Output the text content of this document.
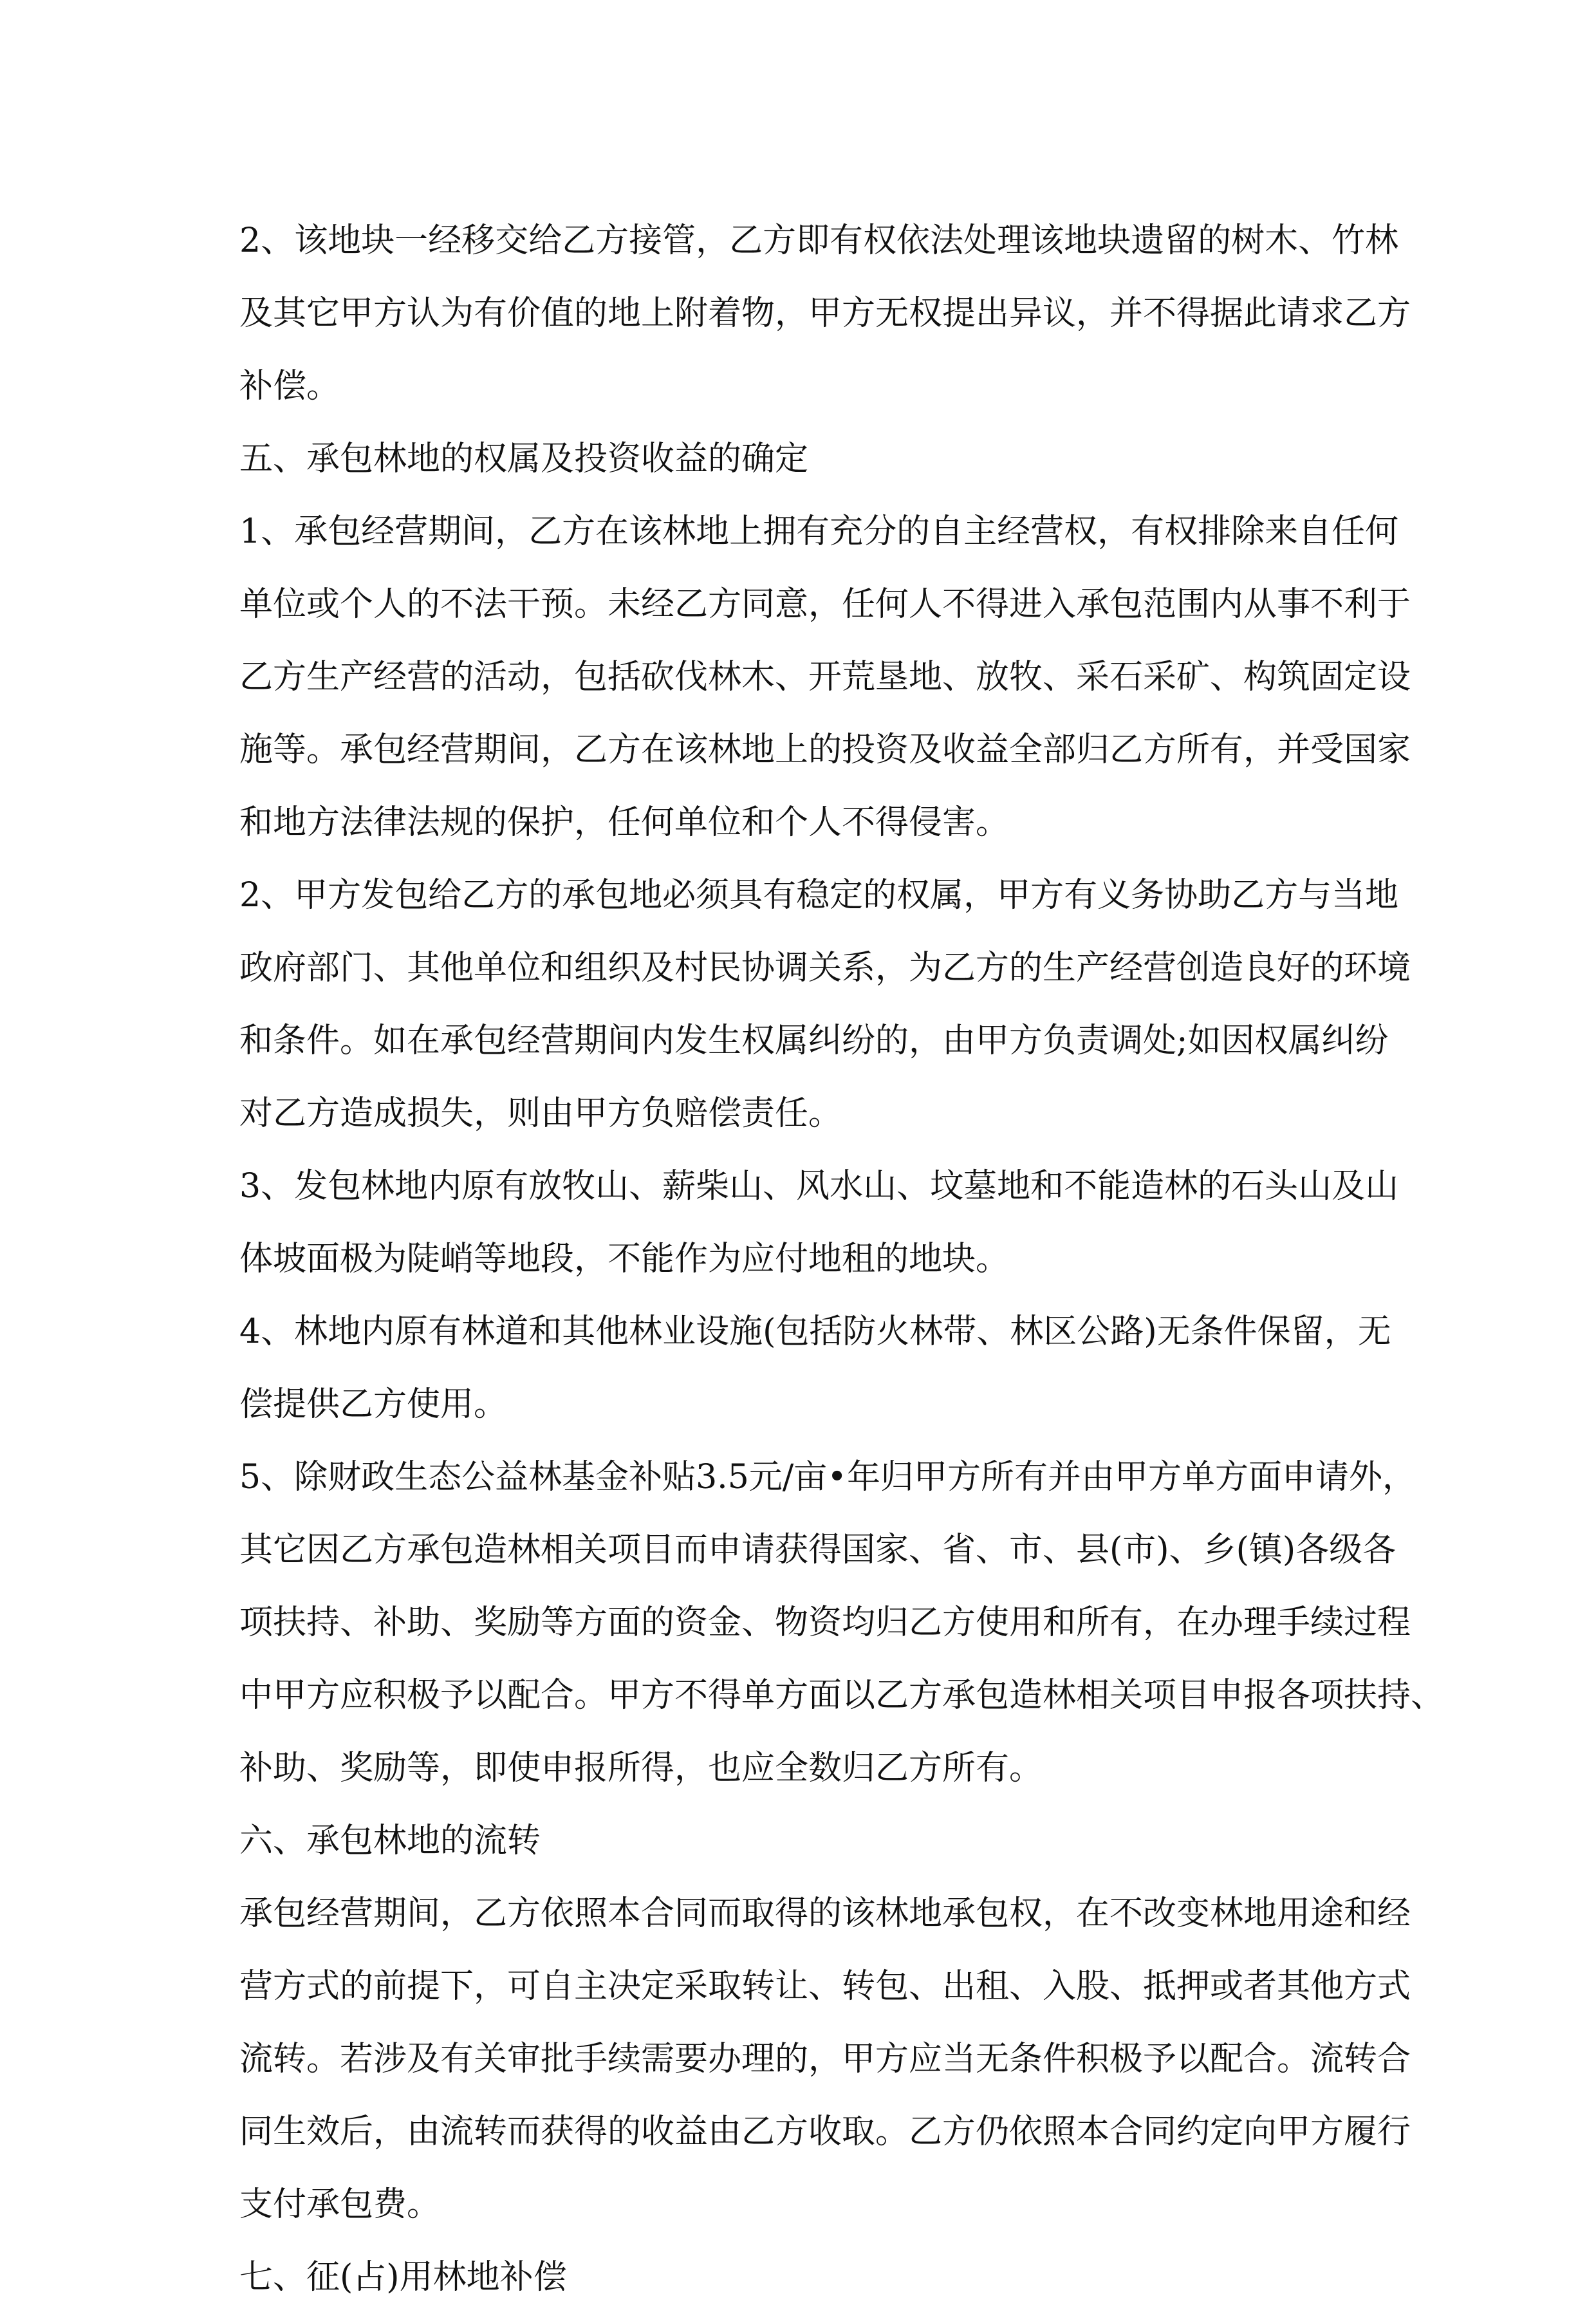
2、该地块一经移交给乙方接管，乙方即有权依法处理该地块遗留的树木、竹林
及其它甲方认为有价值的地上附着物，甲方无权提出异议，并不得据此请求乙方
补偿。
五、承包林地的权属及投资收益的确定
1、承包经营期间，乙方在该林地上拥有充分的自主经营权，有权排除来自任何
单位或个人的不法干预。未经乙方同意，任何人不得进入承包范围内从事不利于
乙方生产经营的活动，包括砍伐林木、开荒垦地、放牧、采石采矿、构筑固定设
施等。承包经营期间，乙方在该林地上的投资及收益全部归乙方所有，并受国家
和地方法律法规的保护，任何单位和个人不得侵害。
2、甲方发包给乙方的承包地必须具有稳定的权属，甲方有义务协助乙方与当地
政府部门、其他单位和组织及村民协调关系，为乙方的生产经营创造良好的环境
和条件。如在承包经营期间内发生权属纠纷的，由甲方负责调处;如因权属纠纷
对乙方造成损失，则由甲方负赔偿责任。
3、发包林地内原有放牧山、薪柴山、风水山、坟墓地和不能造林的石头山及山
体坡面极为陡峭等地段，不能作为应付地租的地块。
4、林地内原有林道和其他林业设施(包括防火林带、林区公路)无条件保留，无
偿提供乙方使用。
5、除财政生态公益林基金补贴3.5元/亩•年归甲方所有并由甲方单方面申请外，
其它因乙方承包造林相关项目而申请获得国家、省、市、县(市)、乡(镇)各级各
项扶持、补助、奖励等方面的资金、物资均归乙方使用和所有，在办理手续过程
中甲方应积极予以配合。甲方不得单方面以乙方承包造林相关项目申报各项扶持、
补助、奖励等，即使申报所得，也应全数归乙方所有。
六、承包林地的流转
承包经营期间，乙方依照本合同而取得的该林地承包权，在不改变林地用途和经
营方式的前提下，可自主决定采取转让、转包、出租、入股、抵押或者其他方式
流转。若涉及有关审批手续需要办理的，甲方应当无条件积极予以配合。流转合
同生效后，由流转而获得的收益由乙方收取。乙方仍依照本合同约定向甲方履行
支付承包费。
七、征(占)用林地补偿
